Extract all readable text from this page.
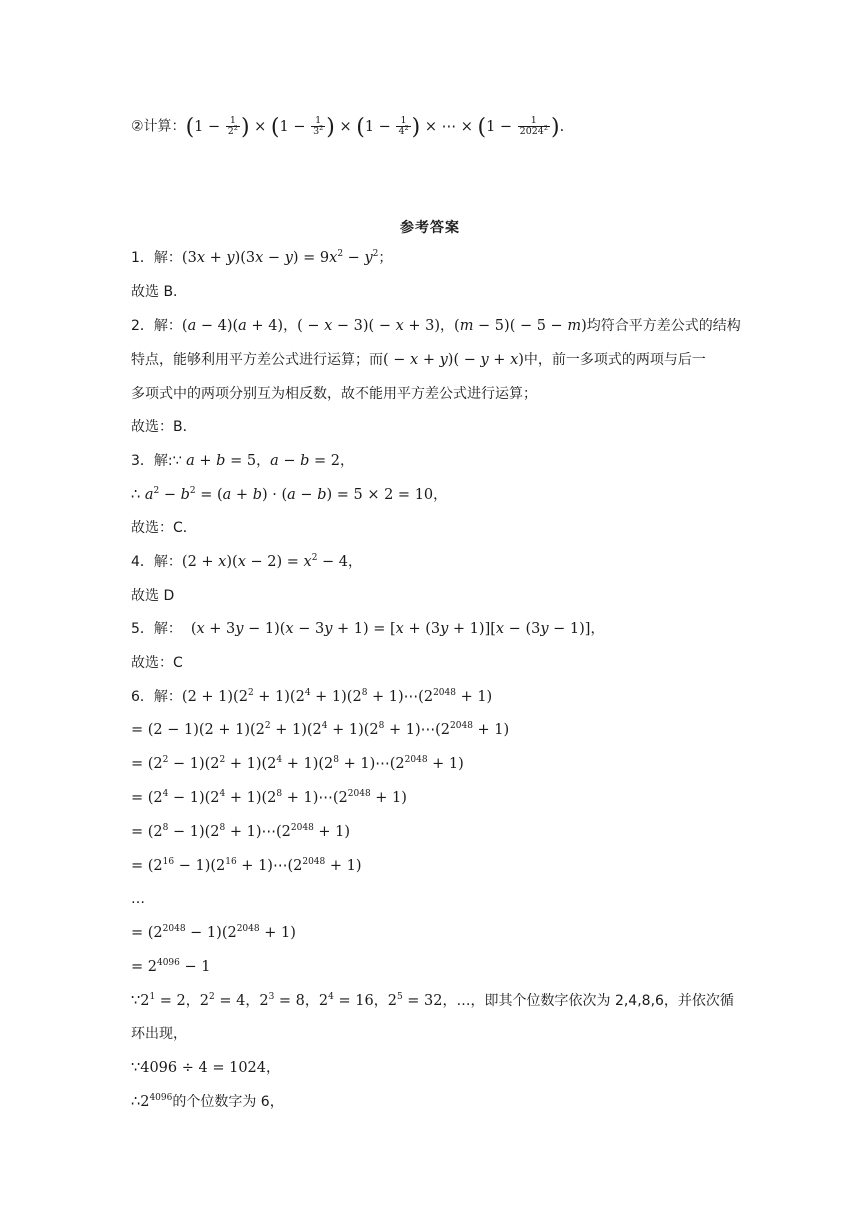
②计算：($1 - \frac{1}{2^2}$ ) × ($1 - \frac{1}{3^2}$ ) × ($1 - \frac{1}{4^2}$ ) × ⋯ × ($1 - \frac{1}{2024^2}$ ).
参考答案
1．解：$(3x + y)(3x - y) = 9x^2 - y^2$；
故选 B.
2．解：(a − 4)(a + 4)，( − x − 3)( − x + 3)，(m − 5)( − 5 − m)均符合平方差公式的结构
特点，能够利用平方差公式进行运算；而( − x + y)( − y + x)中，前一多项式的两项与后一
多项式中的两项分别互为相反数，故不能用平方差公式进行运算；
故选：B．
3．解:∵ a + b = 5，a − b = 2，
∴ $a^2 - b^2 = (a + b) \cdot (a - b) = 5 \times 2 = 10$，
故选：C．
4．解：$(2 + x)(x - 2) = x^2 - 4$，
故选 D
5．解： (x + 3y − 1)(x − 3y + 1) = [x + (3y + 1)][x − (3y − 1)]，
故选：C
6．解：$(2 + 1)(2^2 + 1)(2^4 + 1)(2^8$ + $1)\cdots(2^{2048} + 1)$
= $(2 - 1)(2 + 1)(2^2 + 1)(2^4 + 1)(2^8$ + $1)\cdots(2^{2048} + 1)$
= $(2^2 - 1)(2^2 + 1)(2^4 + 1)(2^8$ + $1)\cdots(2^{2048} + 1)$
= $(2^4 - 1)(2^4 + 1)(2^8$ + $1)\cdots(2^{2048} + 1)$
= $(2^8 - 1)(2^8$ + $1)\cdots(2^{2048} + 1)$
= $(2^{16} - 1)(2^{16}$ + $1)\cdots(2^{2048} + 1)$
…
= $(2^{2048} - 1)(2^{2048} + 1)$
= $2^{4096} - 1$
$\because 2^1 = 2$，$2^2 = 4$，$2^3 = 8$，$2^4 = 16$，$2^5 = 32$，…，即其个位数字依次为 2,4,8,6，并依次循
环出现，
∵4096 ÷ 4 = 1024，
$\therefore 2^{4096}$的个位数字为 6，
